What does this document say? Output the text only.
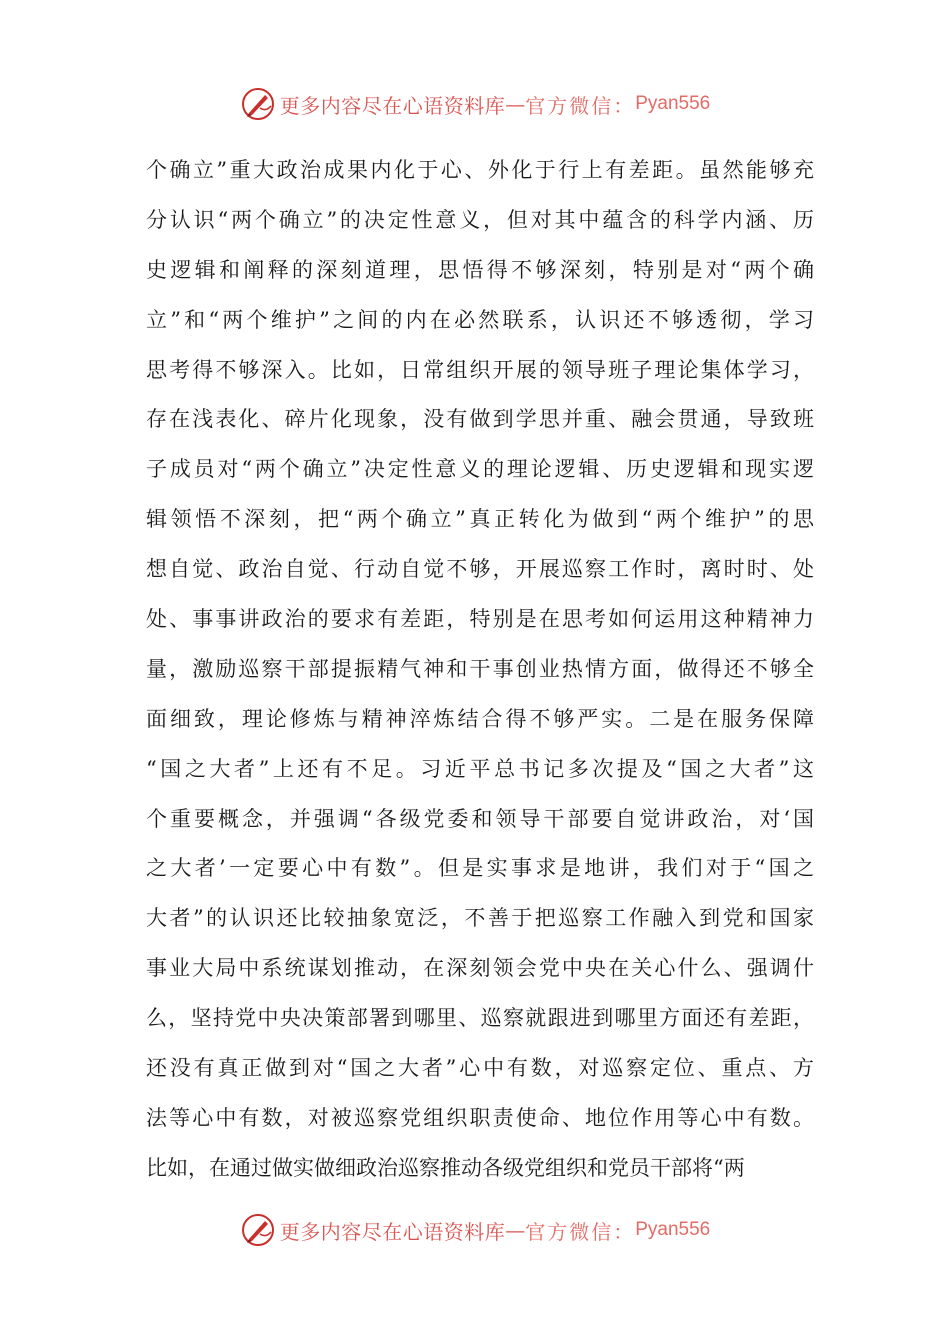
更多内容尽在心语资料库 — 官方微信： Pyan556
个确立”重大政治成果内化于心、外化于行上有差距。虽然能够充
分认识“两个确立”的决定性意义，但对其中蕴含的科学内涵、历
史逻辑和阐释的深刻道理，思悟得不够深刻，特别是对“两个确
立”和“两个维护”之间的内在必然联系，认识还不够透彻，学习
思考得不够深入。比如，日常组织开展的领导班子理论集体学习，
存在浅表化、碎片化现象，没有做到学思并重、融会贯通，导致班
子成员对“两个确立”决定性意义的理论逻辑、历史逻辑和现实逻
辑领悟不深刻，把“两个确立”真正转化为做到“两个维护”的思
想自觉、政治自觉、行动自觉不够，开展巡察工作时，离时时、处
处、事事讲政治的要求有差距，特别是在思考如何运用这种精神力
量，激励巡察干部提振精气神和干事创业热情方面，做得还不够全
面细致，理论修炼与精神淬炼结合得不够严实。二是在服务保障
“国之大者”上还有不足。习近平总书记多次提及“国之大者”这
个重要概念，并强调“各级党委和领导干部要自觉讲政治，对‘国
之大者’一定要心中有数”。但是实事求是地讲，我们对于“国之
大者”的认识还比较抽象宽泛，不善于把巡察工作融入到党和国家
事业大局中系统谋划推动，在深刻领会党中央在关心什么、强调什
么，坚持党中央决策部署到哪里、巡察就跟进到哪里方面还有差距，
还没有真正做到对“国之大者”心中有数，对巡察定位、重点、方
法等心中有数，对被巡察党组织职责使命、地位作用等心中有数。
比如，在通过做实做细政治巡察推动各级党组织和党员干部将“两
更多内容尽在心语资料库 — 官方微信： Pyan556
